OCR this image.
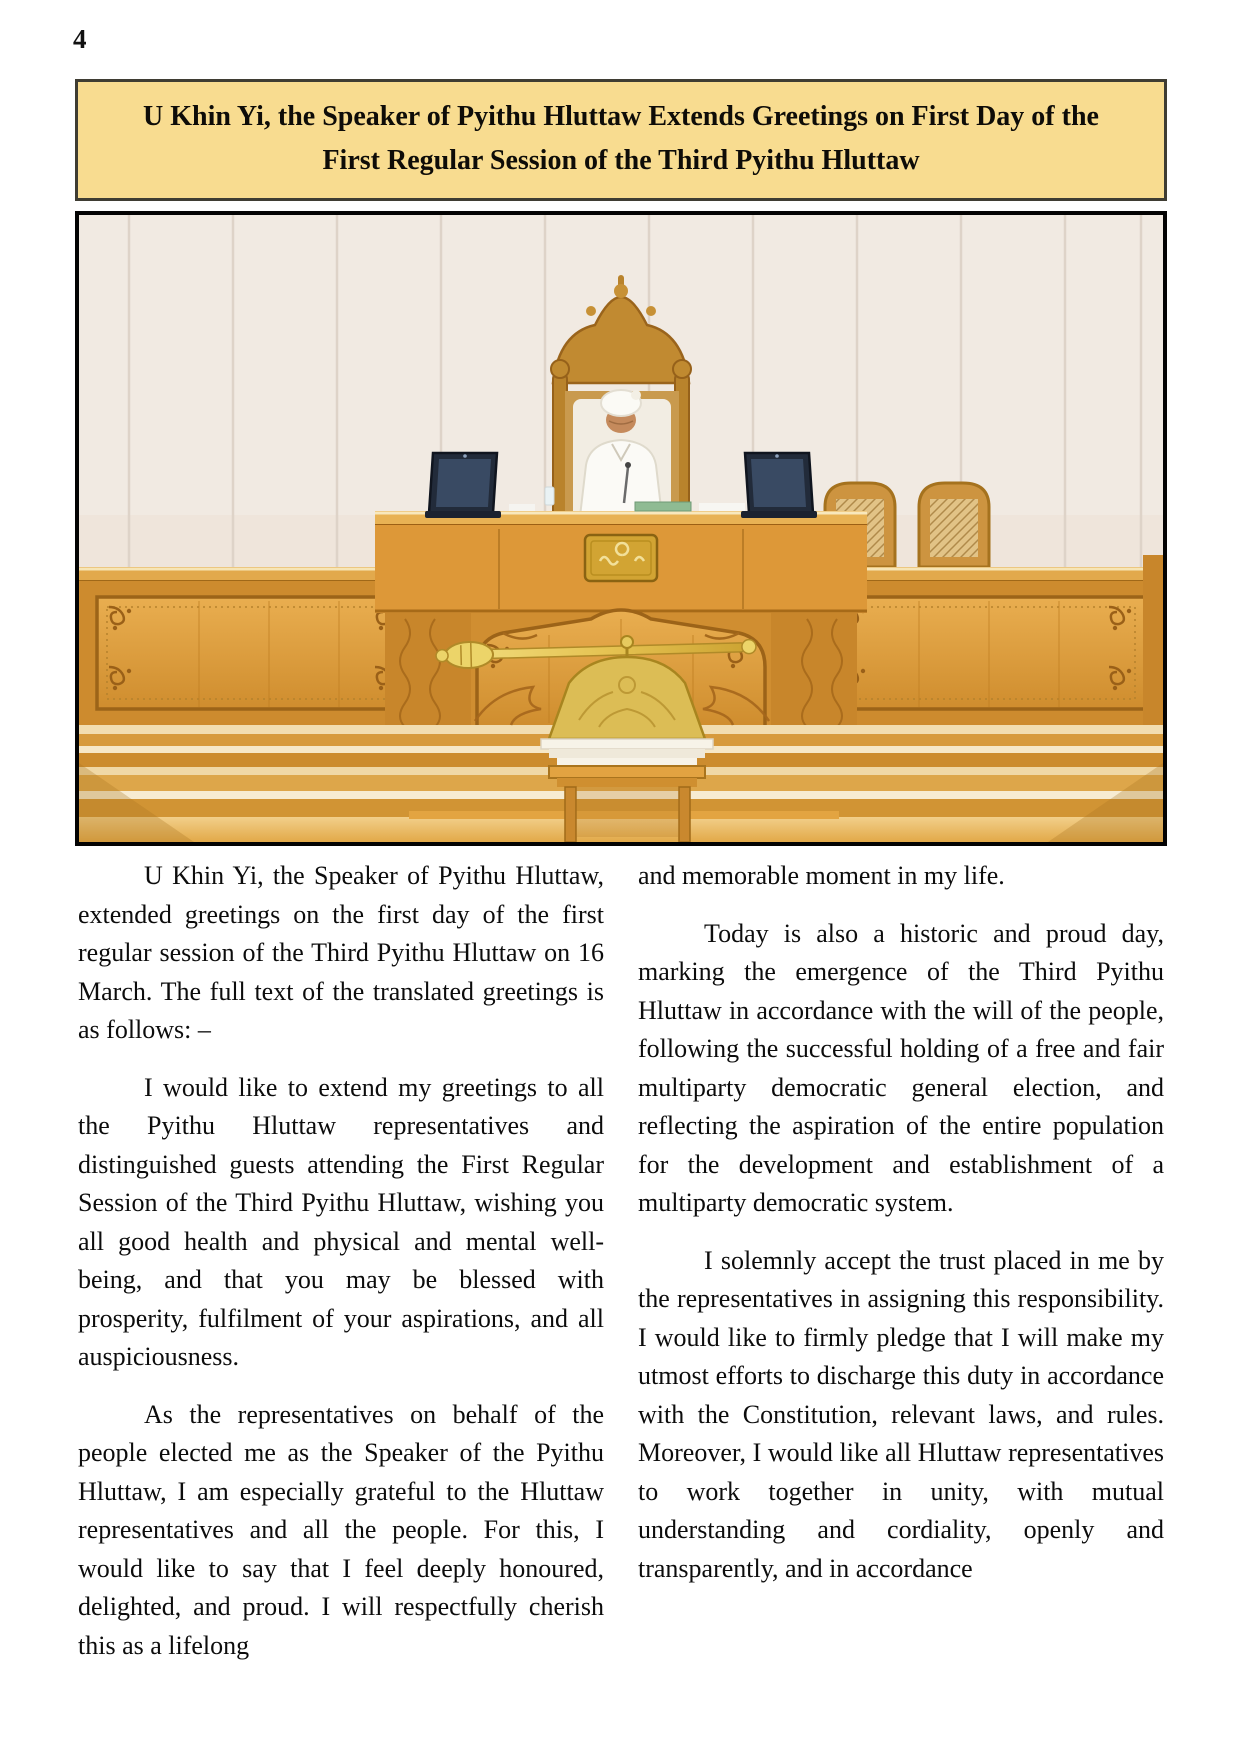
4
U Khin Yi, the Speaker of Pyithu Hluttaw Extends Greetings on First Day of the
First Regular Session of the Third Pyithu Hluttaw

U Khin Yi, the Speaker of Pyithu Hluttaw, extended greetings on the first day of the first regular session of the Third Pyithu Hluttaw on 16 March. The full text of the translated greetings is as follows: –

I would like to extend my greetings to all the Pyithu Hluttaw representatives and distinguished guests attending the First Regular Session of the Third Pyithu Hluttaw, wishing you all good health and physical and mental well-being, and that you may be blessed with prosperity, fulfilment of your aspirations, and all auspiciousness.

As the representatives on behalf of the people elected me as the Speaker of the Pyithu Hluttaw, I am especially grateful to the Hluttaw representatives and all the people. For this, I would like to say that I feel deeply honoured, delighted, and proud. I will respectfully cherish this as a lifelong

and memorable moment in my life.

Today is also a historic and proud day, marking the emergence of the Third Pyithu Hluttaw in accordance with the will of the people, following the successful holding of a free and fair multiparty democratic general election, and reflecting the aspiration of the entire population for the development and establishment of a multiparty democratic system.

I solemnly accept the trust placed in me by the representatives in assigning this responsibility. I would like to firmly pledge that I will make my utmost efforts to discharge this duty in accordance with the Constitution, relevant laws, and rules. Moreover, I would like all Hluttaw representatives to work together in unity, with mutual understanding and cordiality, openly and transparently, and in accordance
